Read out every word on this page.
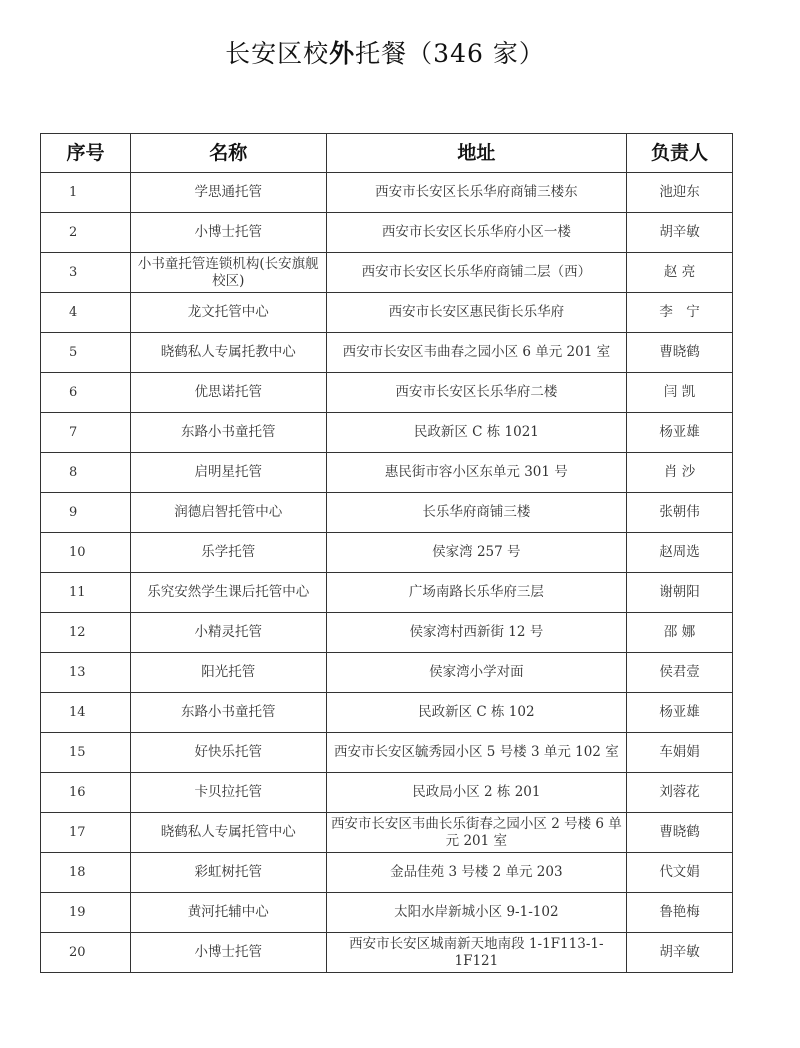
长安区校外托餐（346 家）
序号	名称	地址	负责人
1	学思通托管	西安市长安区长乐华府商铺三楼东	池迎东
2	小博士托管	西安市长安区长乐华府小区一楼	胡辛敏
3	小书童托管连锁机构(长安旗舰校区)	西安市长安区长乐华府商铺二层（西）	赵 亮
4	龙文托管中心	西安市长安区惠民街长乐华府	李　宁
5	晓鹤私人专属托教中心	西安市长安区韦曲春之园小区 6 单元 201 室	曹晓鹤
6	优思诺托管	西安市长安区长乐华府二楼	闫 凯
7	东路小书童托管	民政新区 C 栋 1021	杨亚雄
8	启明星托管	惠民街市容小区东单元 301 号	肖 沙
9	润德启智托管中心	长乐华府商铺三楼	张朝伟
10	乐学托管	侯家湾 257 号	赵周选
11	乐究安然学生课后托管中心	广场南路长乐华府三层	谢朝阳
12	小精灵托管	侯家湾村西新街 12 号	邵 娜
13	阳光托管	侯家湾小学对面	侯君壹
14	东路小书童托管	民政新区 C 栋 102	杨亚雄
15	好快乐托管	西安市长安区毓秀园小区 5 号楼 3 单元 102 室	车娟娟
16	卡贝拉托管	民政局小区 2 栋 201	刘蓉花
17	晓鹤私人专属托管中心	西安市长安区韦曲长乐街春之园小区 2 号楼 6 单元 201 室	曹晓鹤
18	彩虹树托管	金品佳苑 3 号楼 2 单元 203	代文娟
19	黄河托辅中心	太阳水岸新城小区 9-1-102	鲁艳梅
20	小博士托管	西安市长安区城南新天地南段 1-1F113-1-1F121	胡辛敏
